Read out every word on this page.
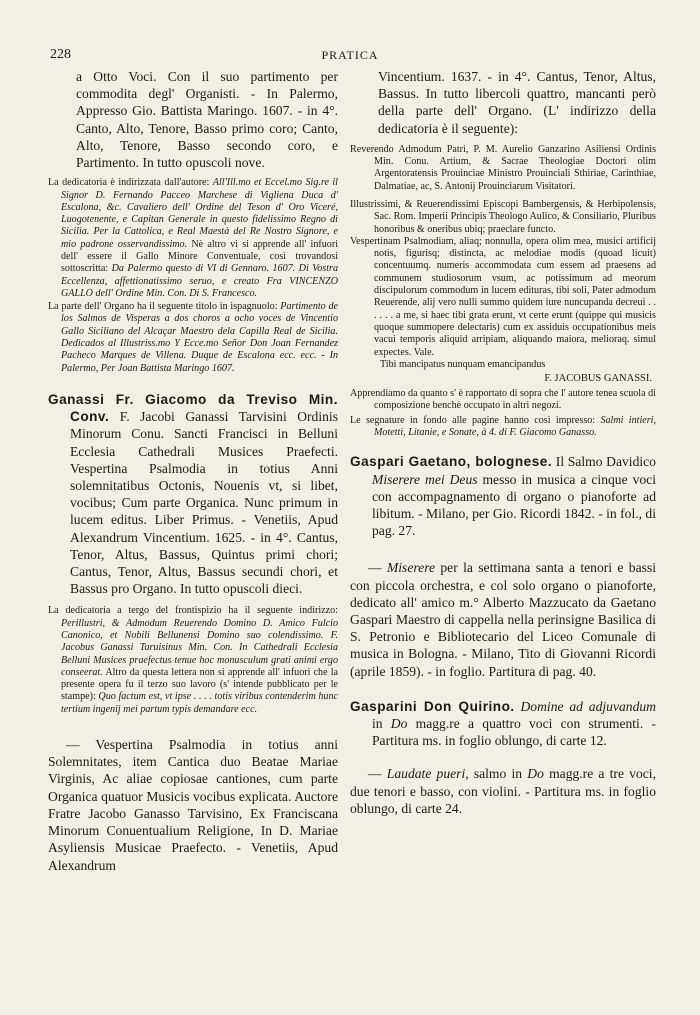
228	PRATICA

a Otto Voci. Con il suo partimento per commodita degl' Organisti. - In Palermo, Appresso Gio. Battista Maringo. 1607. - in 4°. Canto, Alto, Tenore, Basso primo coro; Canto, Alto, Tenore, Basso secondo coro, e Partimento. In tutto opuscoli nove.

La dedicatoria è indirizzata dall'autore: All'Ill.mo et Eccel.mo Sig.re il Signor D. Fernando Pacceo Marchese di Vigliena Duca d' Escalona, &c. Cavaliero dell' Ordine del Teson d' Oro Viceré, Luogotenente, e Capitan Generale in questo fidelissimo Regno di Sicilia. Per la Cattolica, e Real Maestà del Re Nostro Signore, e mio padrone osservandissimo. Nè altro vi si apprende all' infuori dell' essere il Gallo Minore Conventuale, così trovandosi sottoscritta: Da Palermo questo di VI di Gennaro. 1607. Di Vostra Eccellenza, affettionatissimo seruo, e creato Fra VINCENZO GALLO dell' Ordine Min. Con. Di S. Francesco.

La parte dell' Organo ha il seguente titolo in ispagnuolo: Partimento de los Salmos de Visperas a dos choros a ocho voces de Vincentio Gallo Siciliano del Alcaçar Maestro dela Capilla Real de Sicilia. Dedicados al Illustriss.mo Y Ecce.mo Señor Don Joan Fernandez Pacheco Marques de Villena. Duque de Escalona ecc. ecc. - In Palermo, Per Joan Battista Maringo 1607.

Ganassi Fr. Giacomo da Treviso Min. Conv. F. Jacobi Ganassi Tarvisini Ordinis Minorum Conu. Sancti Francisci in Belluni Ecclesia Cathedrali Musices Praefecti. Vespertina Psalmodia in totius Anni solemnitatibus Octonis, Nouenis vt, si libet, vocibus; Cum parte Organica. Nunc primum in lucem editus. Liber Primus. - Venetiis, Apud Alexandrum Vincentium. 1625. - in 4°. Cantus, Tenor, Altus, Bassus, Quintus primi chori; Cantus, Tenor, Altus, Bassus secundi chori, et Bassus pro Organo. In tutto opuscoli dieci.

La dedicatoria a tergo del frontispizio ha il seguente indirizzo: Perillustri, & Admodum Reuerendo Domino D. Amico Fulcio Canonico, et Nobili Bellunensi Domino suo colendissimo. F. Jacobus Ganassi Taruisinus Min. Con. In Cathedrali Ecclesia Belluni Musices praefectus tenue hoc monusculum grati animi ergo conseerat. Altro da questa lettera non si apprende all' infuori che la presente opera fu il terzo suo lavoro (s' intende pubblicato per le stampe): Quo factum est, vt ipse . . . . totis viribus contenderim hunc tertium ingenij mei partum typis demandare ecc.

— Vespertina Psalmodia in totius anni Solemnitates, item Cantica duo Beatae Mariae Virginis, Ac aliae copiosae cantiones, cum parte Organica quatuor Musicis vocibus explicata. Auctore Fratre Jacobo Ganasso Tarvisino, Ex Franciscana Minorum Conuentualium Religione, In D. Mariae Asyliensis Musicae Praefecto. - Venetiis, Apud Alexandrum

Vincentium. 1637. - in 4°. Cantus, Tenor, Altus, Bassus. In tutto libercoli quattro, mancanti però della parte dell' Organo. (L' indirizzo della dedicatoria è il seguente):

Reverendo Admodum Patri, P. M. Aurelio Ganzarino Asiliensi Ordinis Min. Conu. Artium, & Sacrae Theologiae Doctori olim Argentoratensis Prouinciae Ministro Prouinciali Sthiriae, Carinthiae, Dalmatiae, ac, S. Antonij Prouinciarum Visitatori.

Illustrissimi, & Reuerendissimi Episcopi Bambergensis, & Herbipolensis, Sac. Rom. Imperii Principis Theologo Aulico, & Consiliario, Pluribus honoribus & oneribus ubiq; praeclare functo.

Vespertinam Psalmodiam, aliaq; nonnulla, opera olim mea, musici artificij notis, figurisq; distincta, ac melodiae modis (quoad licuit) concentuumq. numeris accommodata cum essem ad praesens ad communem studiosorum vsum, ac potissimum ad meorum discipulorum commodum in lucem edituras, tibi soli, Pater admodum Reuerende, alij vero nulli summo quidem iure nuncupanda decreui . . . . . . a me, si haec tibi grata erunt, vt certe erunt (quippe qui musicis quoque summopere delectaris) cum ex assiduis occupationibus meis vacui temporis aliquid arripiam, aliquando maiora, melioraq. simul expectes. Vale.

Tibi mancipatus nunquam emancipandus

F. JACOBUS GANASSI.

Apprendiamo da quanto s' è rapportato di sopra che l' autore tenea scuola di composizione benchè occupato in altri negozi.

Le segnature in fondo alle pagine hanno così impresso: Salmi intieri, Motetti, Litanie, e Sonate, à 4. di F. Giacomo Ganasso.

Gaspari Gaetano, bolognese. Il Salmo Davidico Miserere mei Deus messo in musica a cinque voci con accompagnamento di organo o pianoforte ad libitum. - Milano, per Gio. Ricordi 1842. - in fol., di pag. 27.

— Miserere per la settimana santa a tenori e bassi con piccola orchestra, e col solo organo o pianoforte, dedicato all' amico m.° Alberto Mazzucato da Gaetano Gaspari Maestro di cappella nella perinsigne Basilica di S. Petronio e Bibliotecario del Liceo Comunale di musica in Bologna. - Milano, Tito di Giovanni Ricordi (aprile 1859). - in foglio. Partitura di pag. 40.

Gasparini Don Quirino. Domine ad adjuvandum in Do magg.re a quattro voci con strumenti. - Partitura ms. in foglio oblungo, di carte 12.

— Laudate pueri, salmo in Do magg.re a tre voci, due tenori e basso, con violini. - Partitura ms. in foglio oblungo, di carte 24.
